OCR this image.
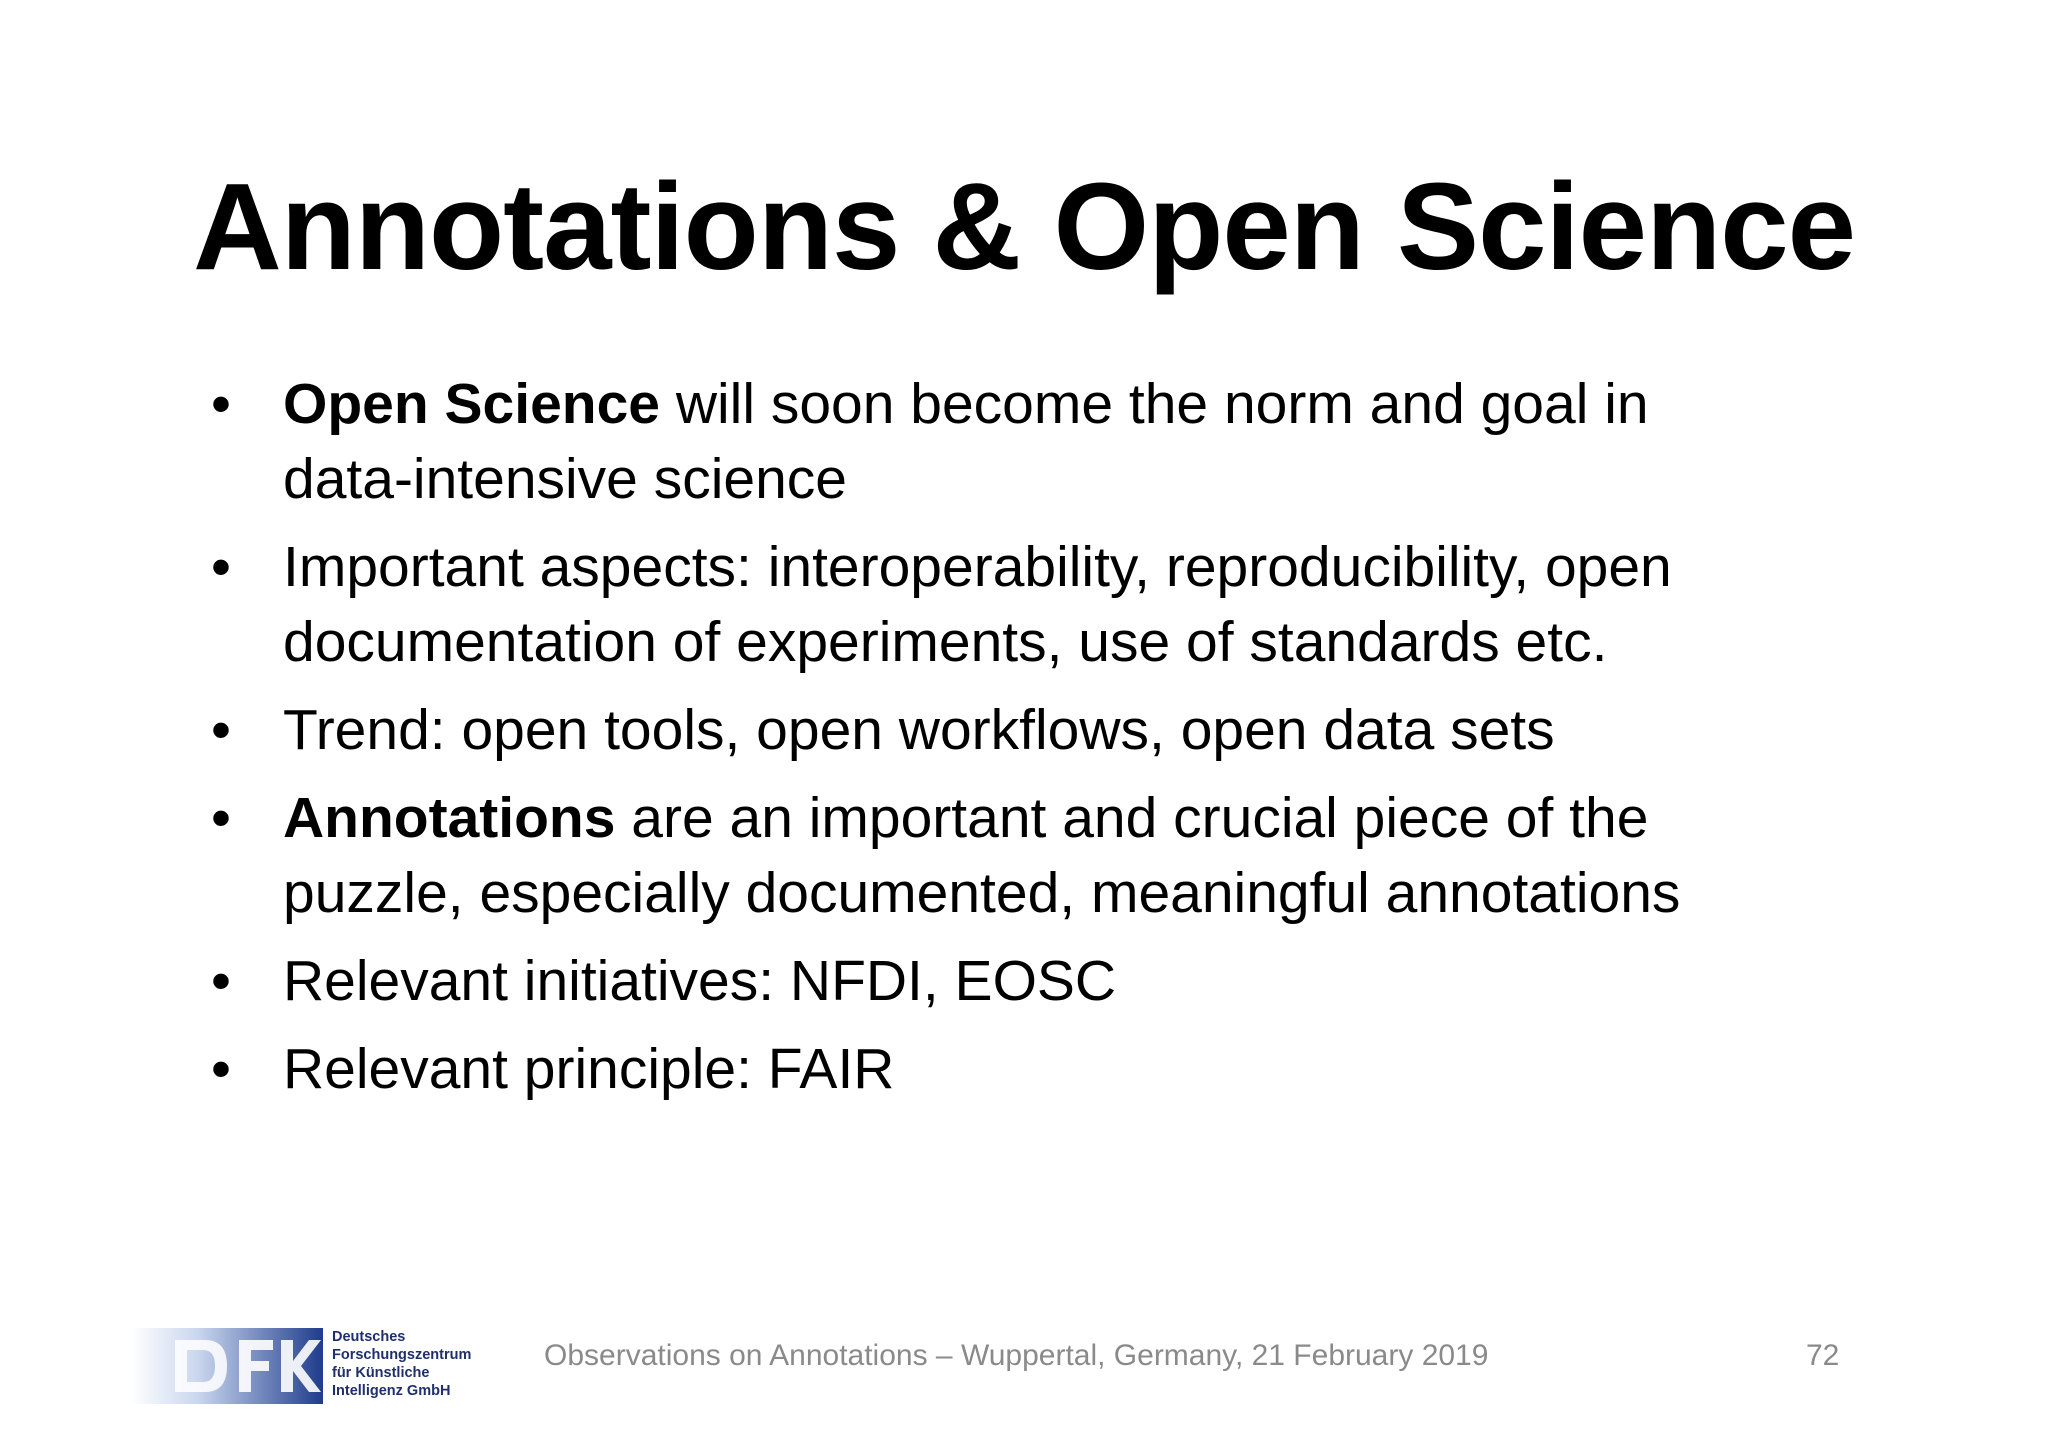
Annotations & Open Science
• Open Science will soon become the norm and goal in
data-intensive science
• Important aspects: interoperability, reproducibility, open
documentation of experiments, use of standards etc.
• Trend: open tools, open workflows, open data sets
• Annotations are an important and crucial piece of the
puzzle, especially documented, meaningful annotations
• Relevant initiatives: NFDI, EOSC
• Relevant principle: FAIR
Deutsches
Forschungszentrum
für Künstliche
Intelligenz GmbH
Observations on Annotations – Wuppertal, Germany, 21 February 2019	72
